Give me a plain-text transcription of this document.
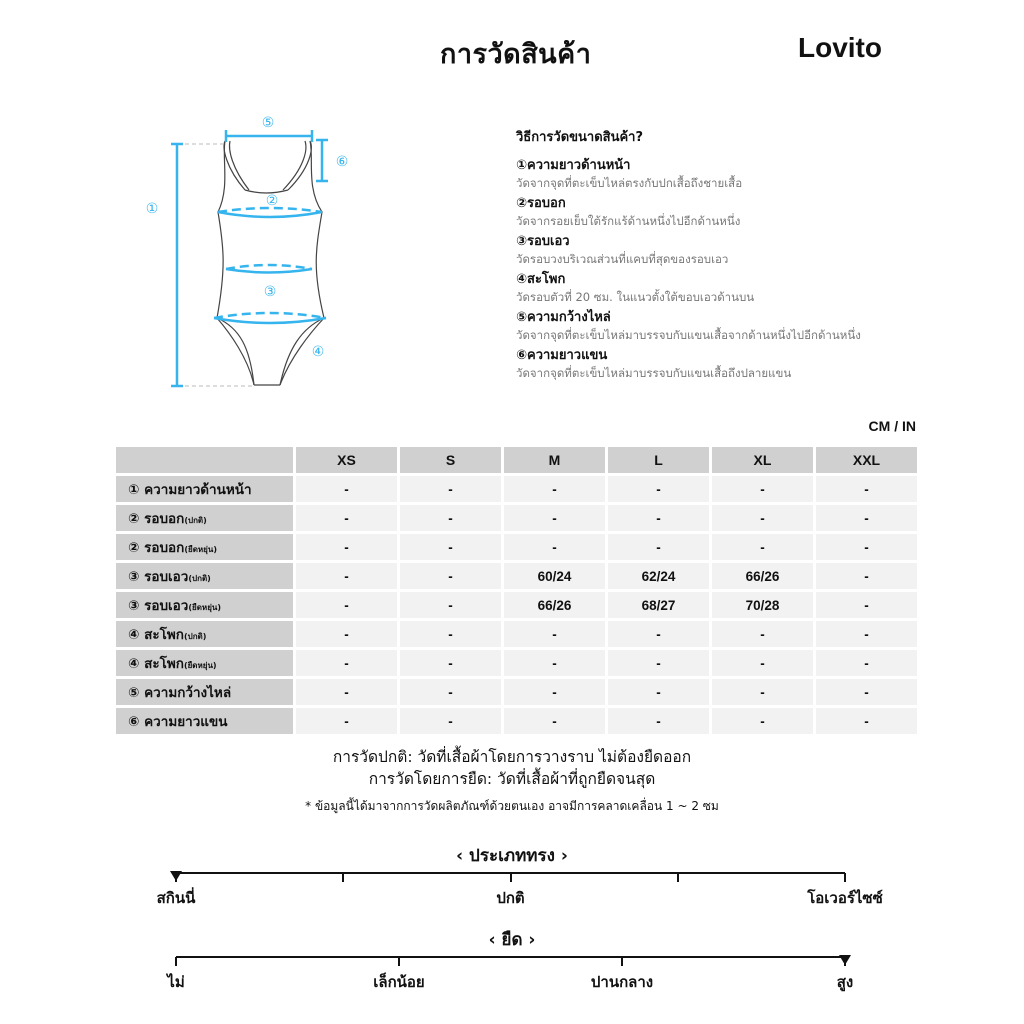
การวัดสินค้า	Lovito
①	②
③
④
⑤
⑥
วิธีการวัดขนาดสินค้า?
①ความยาวด้านหน้า
วัดจากจุดที่ตะเข็บไหล่ตรงกับปกเสื้อถึงชายเสื้อ
②รอบอก
วัดจากรอยเย็บใต้รักแร้ด้านหนึ่งไปอีกด้านหนึ่ง
③รอบเอว
วัดรอบวงบริเวณส่วนที่แคบที่สุดของรอบเอว
④สะโพก
วัดรอบตัวที่ 20 ซม. ในแนวตั้งใต้ขอบเอวด้านบน
⑤ความกว้างไหล่
วัดจากจุดที่ตะเข็บไหล่มาบรรจบกับแขนเสื้อจากด้านหนึ่งไปอีกด้านหนึ่ง
⑥ความยาวแขน
วัดจากจุดที่ตะเข็บไหล่มาบรรจบกับแขนเสื้อถึงปลายแขน
CM / IN
	XS	S	M	L	XL	XXL
① ความยาวด้านหน้า	-	-	-	-	-	-
② รอบอก(ปกติ)	-	-	-	-	-	-
② รอบอก(ยืดหยุ่น)	-	-	-	-	-	-
③ รอบเอว(ปกติ)	-	-	60/24	62/24	66/26	-
③ รอบเอว(ยืดหยุ่น)	-	-	66/26	68/27	70/28	-
④ สะโพก(ปกติ)	-	-	-	-	-	-
④ สะโพก(ยืดหยุ่น)	-	-	-	-	-	-
⑤ ความกว้างไหล่	-	-	-	-	-	-
⑥ ความยาวแขน	-	-	-	-	-	-
การวัดปกติ: วัดที่เสื้อผ้าโดยการวางราบ ไม่ต้องยืดออก
การวัดโดยการยืด: วัดที่เสื้อผ้าที่ถูกยืดจนสุด
* ข้อมูลนี้ได้มาจากการวัดผลิตภัณฑ์ด้วยตนเอง อาจมีการคลาดเคลื่อน 1 ~ 2 ซม
‹ ประเภททรง ›
สกินนี่	ปกติ	โอเวอร์ไซซ์
‹ ยืด ›
ไม่	เล็กน้อย	ปานกลาง	สูง
